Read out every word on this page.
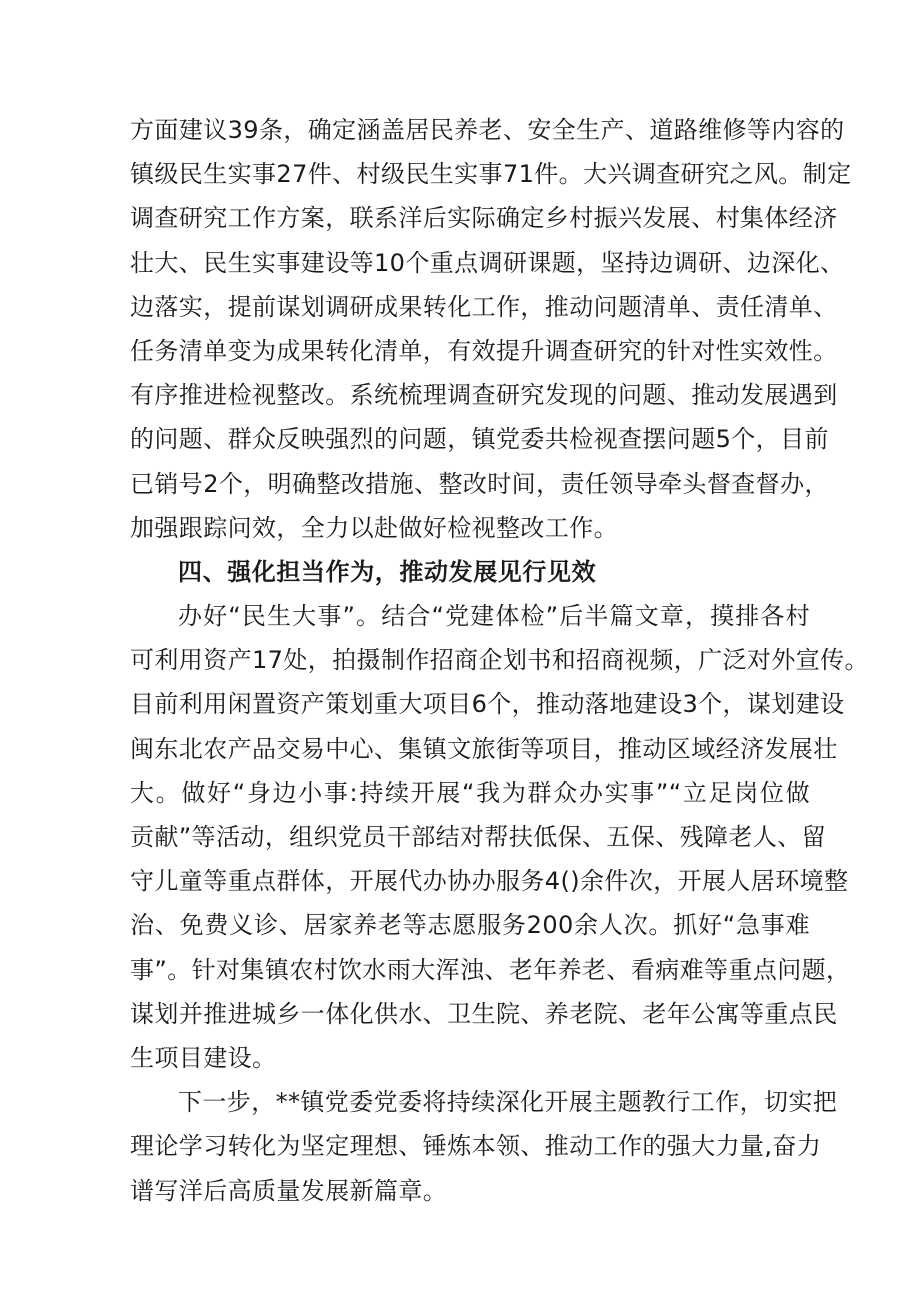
方面建议39条，确定涵盖居民养老、安全生产、道路维修等内容的
镇级民生实事27件、村级民生实事71件。大兴调查研究之风。制定
调查研究工作方案，联系洋后实际确定乡村振兴发展、村集体经济
壮大、民生实事建设等10个重点调研课题，坚持边调研、边深化、
边落实，提前谋划调研成果转化工作，推动问题清单、责任清单、
任务清单变为成果转化清单，有效提升调查研究的针对性实效性。
有序推进检视整改。系统梳理调查研究发现的问题、推动发展遇到
的问题、群众反映强烈的问题，镇党委共检视查摆问题5个，目前
已销号2个，明确整改措施、整改时间，责任领导牵头督查督办，
加强跟踪问效，全力以赴做好检视整改工作。
四、强化担当作为，推动发展见行见效
办好“民生大事”。结合“党建体检”后半篇文章，摸排各村
可利用资产17处，拍摄制作招商企划书和招商视频，广泛对外宣传。
目前利用闲置资产策划重大项目6个，推动落地建设3个，谋划建设
闽东北农产品交易中心、集镇文旅街等项目，推动区域经济发展壮
大。做好“身边小事:持续开展“我为群众办实事”“立足岗位做
贡献”等活动，组织党员干部结对帮扶低保、五保、残障老人、留
守儿童等重点群体，开展代办协办服务4()余件次，开展人居环境整
治、免费义诊、居家养老等志愿服务200余人次。抓好“急事难
事”。针对集镇农村饮水雨大浑浊、老年养老、看病难等重点问题，
谋划并推进城乡一体化供水、卫生院、养老院、老年公寓等重点民
生项目建设。
下一步，**镇党委党委将持续深化开展主题教行工作，切实把
理论学习转化为坚定理想、锤炼本领、推动工作的强大力量,奋力
谱写洋后高质量发展新篇章。
